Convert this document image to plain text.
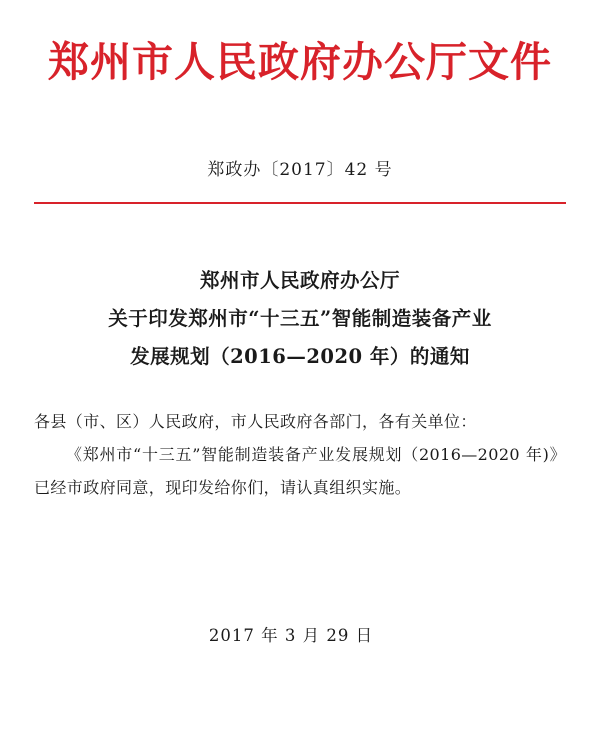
郑州市人民政府办公厅文件
郑政办〔2017〕42 号
郑州市人民政府办公厅
关于印发郑州市“十三五”智能制造装备产业
发展规划（2016—2020 年）的通知
各县（市、区）人民政府，市人民政府各部门，各有关单位：
《郑州市“十三五”智能制造装备产业发展规划（2016—2020 年)》已经市政府同意，现印发给你们，请认真组织实施。
2017 年 3 月 29 日
